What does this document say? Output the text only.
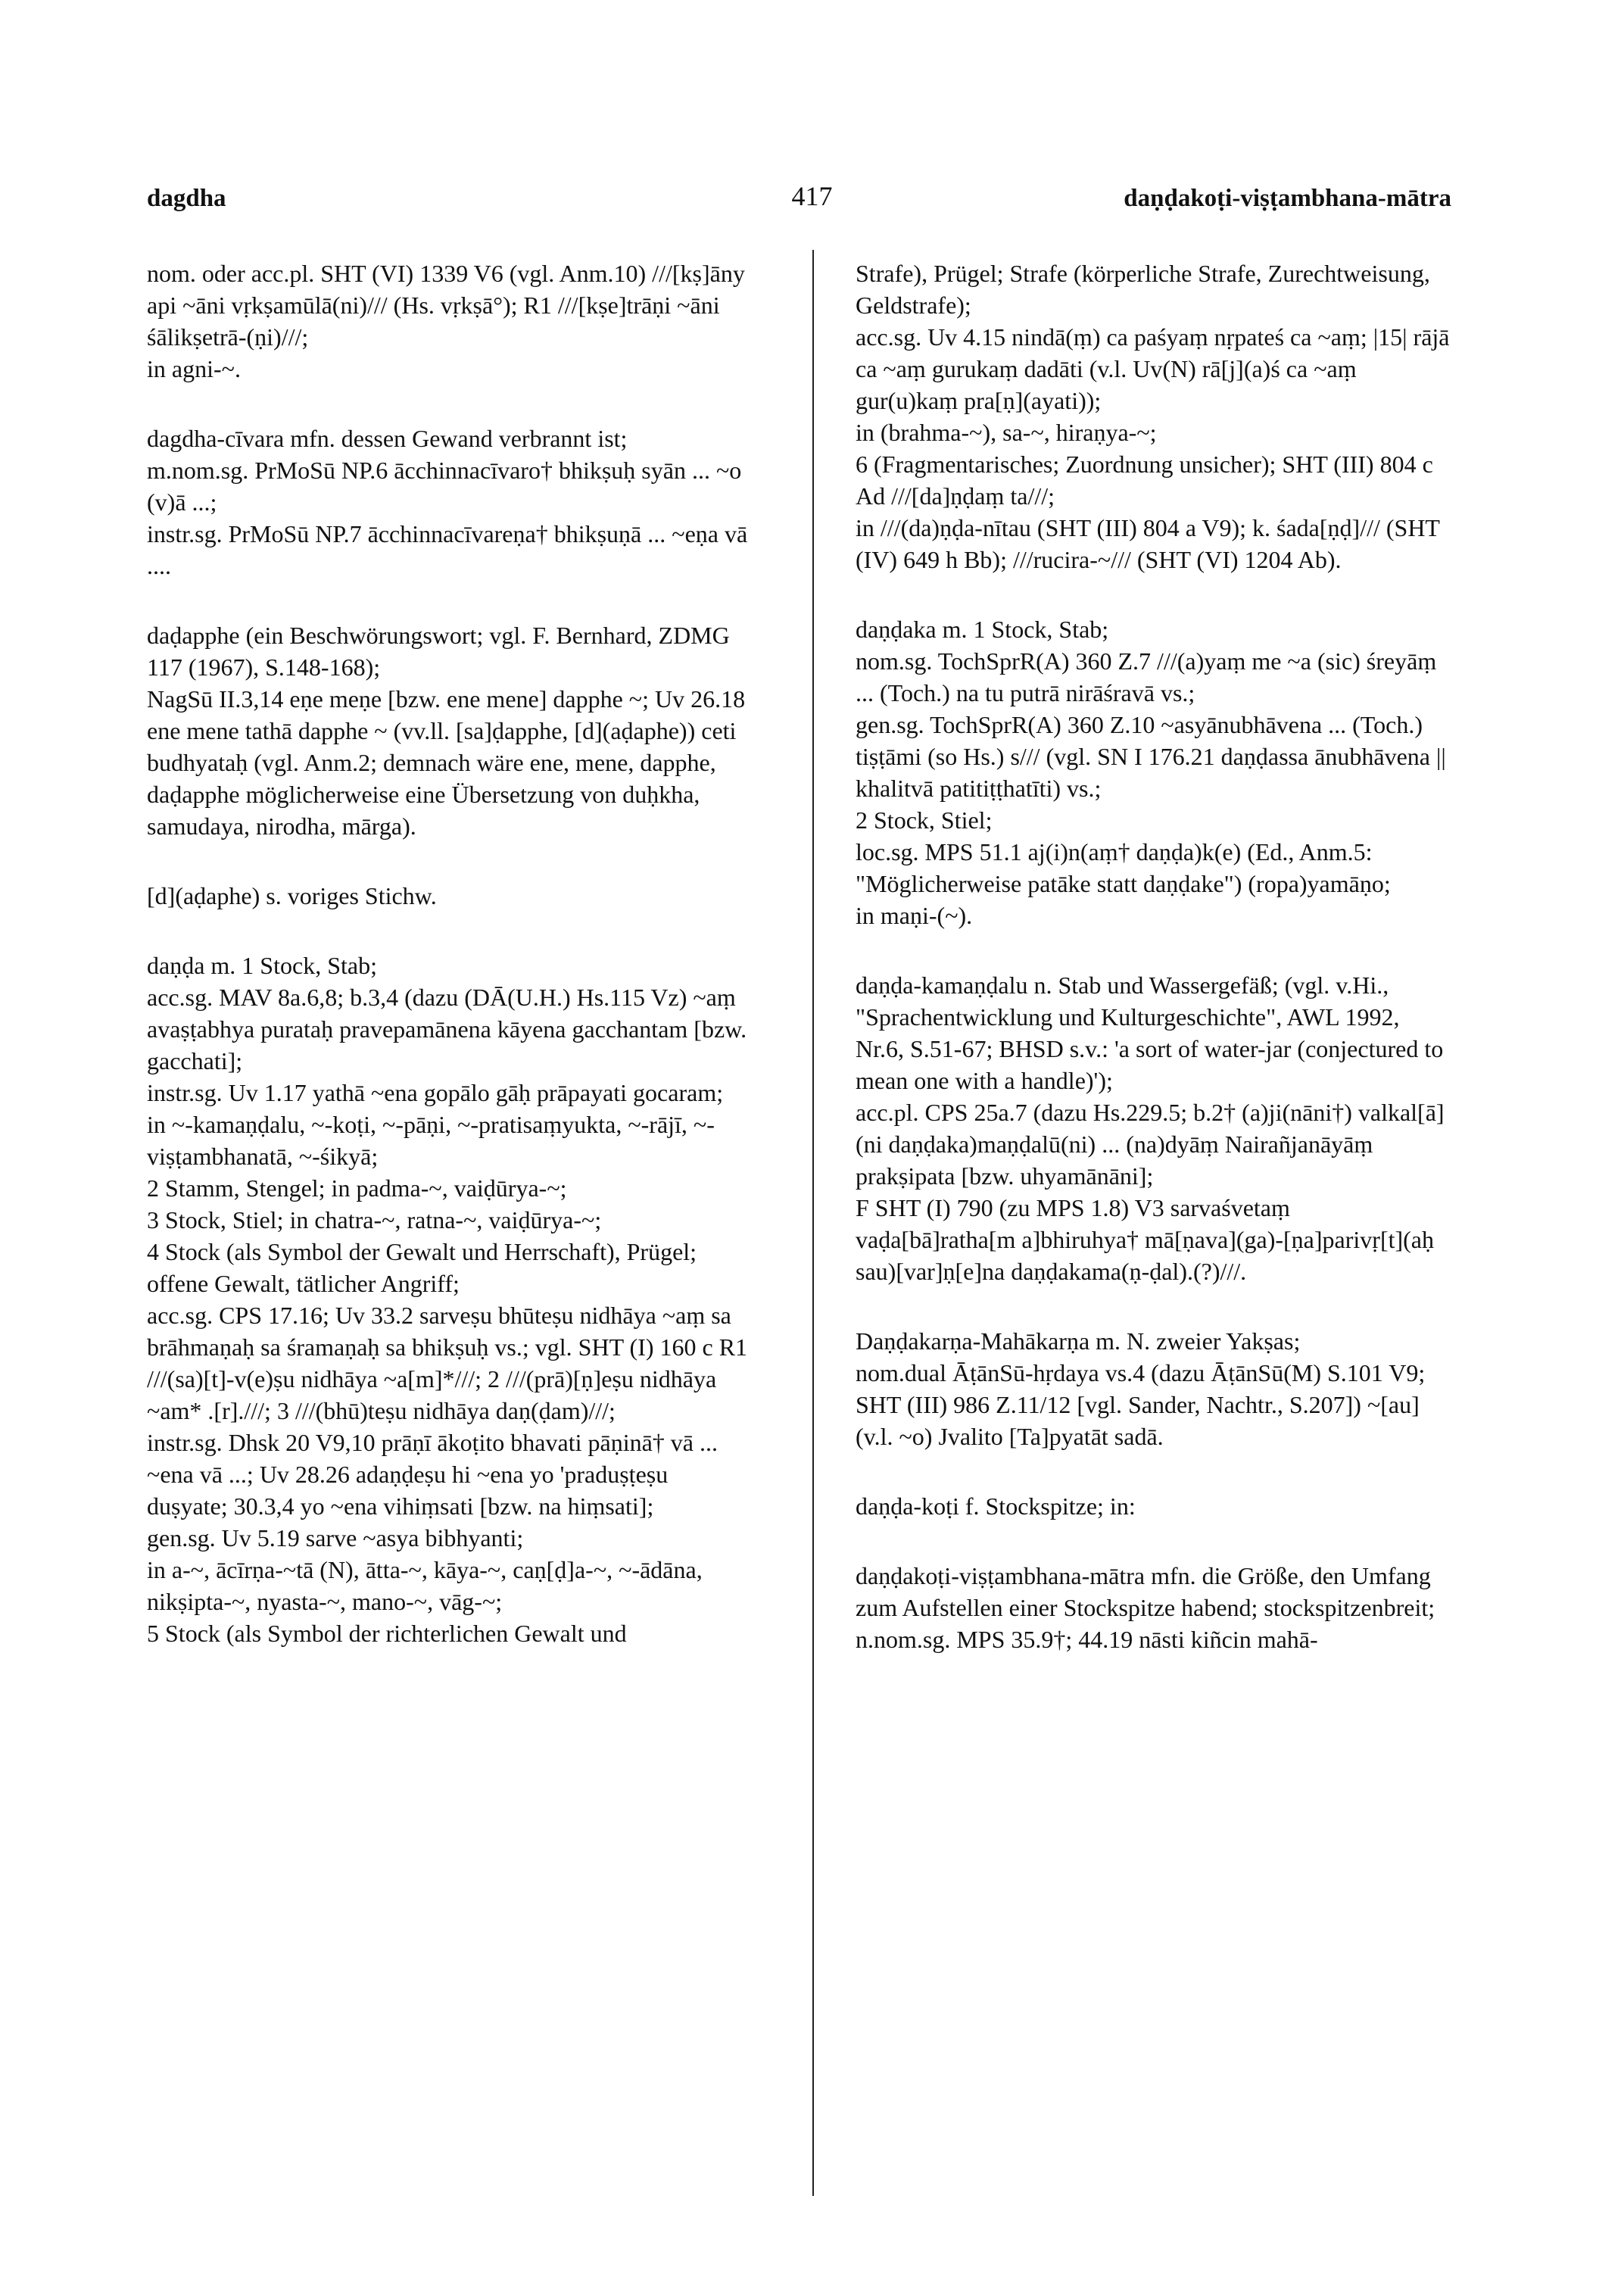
dagdha	417	daṇḍakoṭi-viṣṭambhana-mātra

nom. oder acc.pl. SHT (VI) 1339 V6 (vgl. Anm.10) ///[kṣ]āny api ~āni vṛkṣamūlā(ni)/// (Hs. vṛkṣā°); R1 ///[kṣe]trāṇi ~āni śālikṣetrā-(ṇi)///;

in agni-~.

dagdha-cīvara mfn. dessen Gewand verbrannt ist;

m.nom.sg. PrMoSū NP.6 ācchinnacīvaro† bhikṣuḥ syān ... ~o (v)ā ...;

instr.sg. PrMoSū NP.7 ācchinnacīvareṇa† bhikṣuṇā ... ~eṇa vā ....

daḍapphe (ein Beschwörungswort; vgl. F. Bernhard, ZDMG 117 (1967), S.148-168);

NagSū II.3,14 eṇe meṇe [bzw. ene mene] dapphe ~; Uv 26.18 ene mene tathā dapphe ~ (vv.ll. [sa]ḍapphe, [d](aḍaphe)) ceti budhyataḥ (vgl. Anm.2; demnach wäre ene, mene, dapphe, daḍapphe möglicherweise eine Übersetzung von duḥkha, samudaya, nirodha, mārga).

[d](aḍaphe) s. voriges Stichw.

daṇḍa m. 1 Stock, Stab;

acc.sg. MAV 8a.6,8; b.3,4 (dazu (DĀ(U.H.) Hs.115 Vz) ~aṃ avaṣṭabhya purataḥ pravepamānena kāyena gacchantam [bzw. gacchati];

instr.sg. Uv 1.17 yathā ~ena gopālo gāḥ prāpayati gocaram;

in ~-kamaṇḍalu, ~-koṭi, ~-pāṇi, ~-pratisaṃyukta, ~-rājī, ~-viṣṭambhanatā, ~-śikyā;

2 Stamm, Stengel; in padma-~, vaiḍūrya-~;

3 Stock, Stiel; in chatra-~, ratna-~, vaiḍūrya-~;

4 Stock (als Symbol der Gewalt und Herrschaft), Prügel; offene Gewalt, tätlicher Angriff;

acc.sg. CPS 17.16; Uv 33.2 sarveṣu bhūteṣu nidhāya ~aṃ sa brāhmaṇaḥ sa śramaṇaḥ sa bhikṣuḥ vs.; vgl. SHT (I) 160 c R1 ///(sa)[t]-v(e)ṣu nidhāya ~a[m]*///; 2 ///(prā)[ṇ]eṣu nidhāya ~am* .[r].///; 3 ///(bhū)teṣu nidhāya daṇ(ḍam)///;

instr.sg. Dhsk 20 V9,10 prāṇī ākoṭito bhavati pāṇinā† vā ... ~ena vā ...; Uv 28.26 adaṇḍeṣu hi ~ena yo 'praduṣṭeṣu duṣyate; 30.3,4 yo ~ena vihiṃsati [bzw. na hiṃsati];

gen.sg. Uv 5.19 sarve ~asya bibhyanti;

in a-~, ācīrṇa-~tā (N), ātta-~, kāya-~, caṇ[ḍ]a-~, ~-ādāna, nikṣipta-~, nyasta-~, mano-~, vāg-~;

5 Stock (als Symbol der richterlichen Gewalt und

Strafe), Prügel; Strafe (körperliche Strafe, Zurechtweisung, Geldstrafe);

acc.sg. Uv 4.15 nindā(ṃ) ca paśyaṃ nṛpateś ca ~aṃ; |15| rājā ca ~aṃ gurukaṃ dadāti (v.l. Uv(N) rā[j](a)ś ca ~aṃ gur(u)kaṃ pra[ṇ](ayati));

in (brahma-~), sa-~, hiraṇya-~;

6 (Fragmentarisches; Zuordnung unsicher); SHT (III) 804 c Ad ///[da]ṇḍaṃ ta///;

in ///(da)ṇḍa-nītau (SHT (III) 804 a V9); k. śada[ṇḍ]/// (SHT (IV) 649 h Bb); ///rucira-~/// (SHT (VI) 1204 Ab).

daṇḍaka m. 1 Stock, Stab;

nom.sg. TochSprR(A) 360 Z.7 ///(a)yaṃ me ~a (sic) śreyāṃ ... (Toch.) na tu putrā nirāśravā vs.;

gen.sg. TochSprR(A) 360 Z.10 ~asyānubhāvena ... (Toch.) tiṣṭāmi (so Hs.) s/// (vgl. SN I 176.21 daṇḍassa ānubhāvena || khalitvā patitiṭṭhatīti) vs.;

2 Stock, Stiel;

loc.sg. MPS 51.1 aj(i)n(aṃ† daṇḍa)k(e) (Ed., Anm.5: "Möglicherweise patāke statt daṇḍake") (ropa)yamāṇo;

in maṇi-(~).

daṇḍa-kamaṇḍalu n. Stab und Wassergefäß; (vgl. v.Hi., "Sprachentwicklung und Kulturgeschichte", AWL 1992, Nr.6, S.51-67; BHSD s.v.: 'a sort of water-jar (conjectured to mean one with a handle)');

acc.pl. CPS 25a.7 (dazu Hs.229.5; b.2† (a)ji(nāni†) valkal[ā](ni daṇḍaka)maṇḍalū(ni) ... (na)dyāṃ Nairañjanāyāṃ prakṣipata [bzw. uhyamānāni];

F SHT (I) 790 (zu MPS 1.8) V3 sarvaśvetaṃ vaḍa[bā]ratha[m a]bhiruhya† mā[ṇava](ga)-[ṇa]parivṛ[t](aḥ sau)[var]ṇ[e]na daṇḍakama(ṇ-ḍal).(?)///.

Daṇḍakarṇa-Mahākarṇa m. N. zweier Yakṣas;

nom.dual ĀṭānSū-hṛdaya vs.4 (dazu ĀṭānSū(M) S.101 V9; SHT (III) 986 Z.11/12 [vgl. Sander, Nachtr., S.207]) ~[au] (v.l. ~o) Jvalito [Ta]pyatāt sadā.

daṇḍa-koṭi f. Stockspitze; in:

daṇḍakoṭi-viṣṭambhana-mātra mfn. die Größe, den Umfang zum Aufstellen einer Stockspitze habend; stockspitzenbreit;

n.nom.sg. MPS 35.9†; 44.19 nāsti kiñcin mahā-
